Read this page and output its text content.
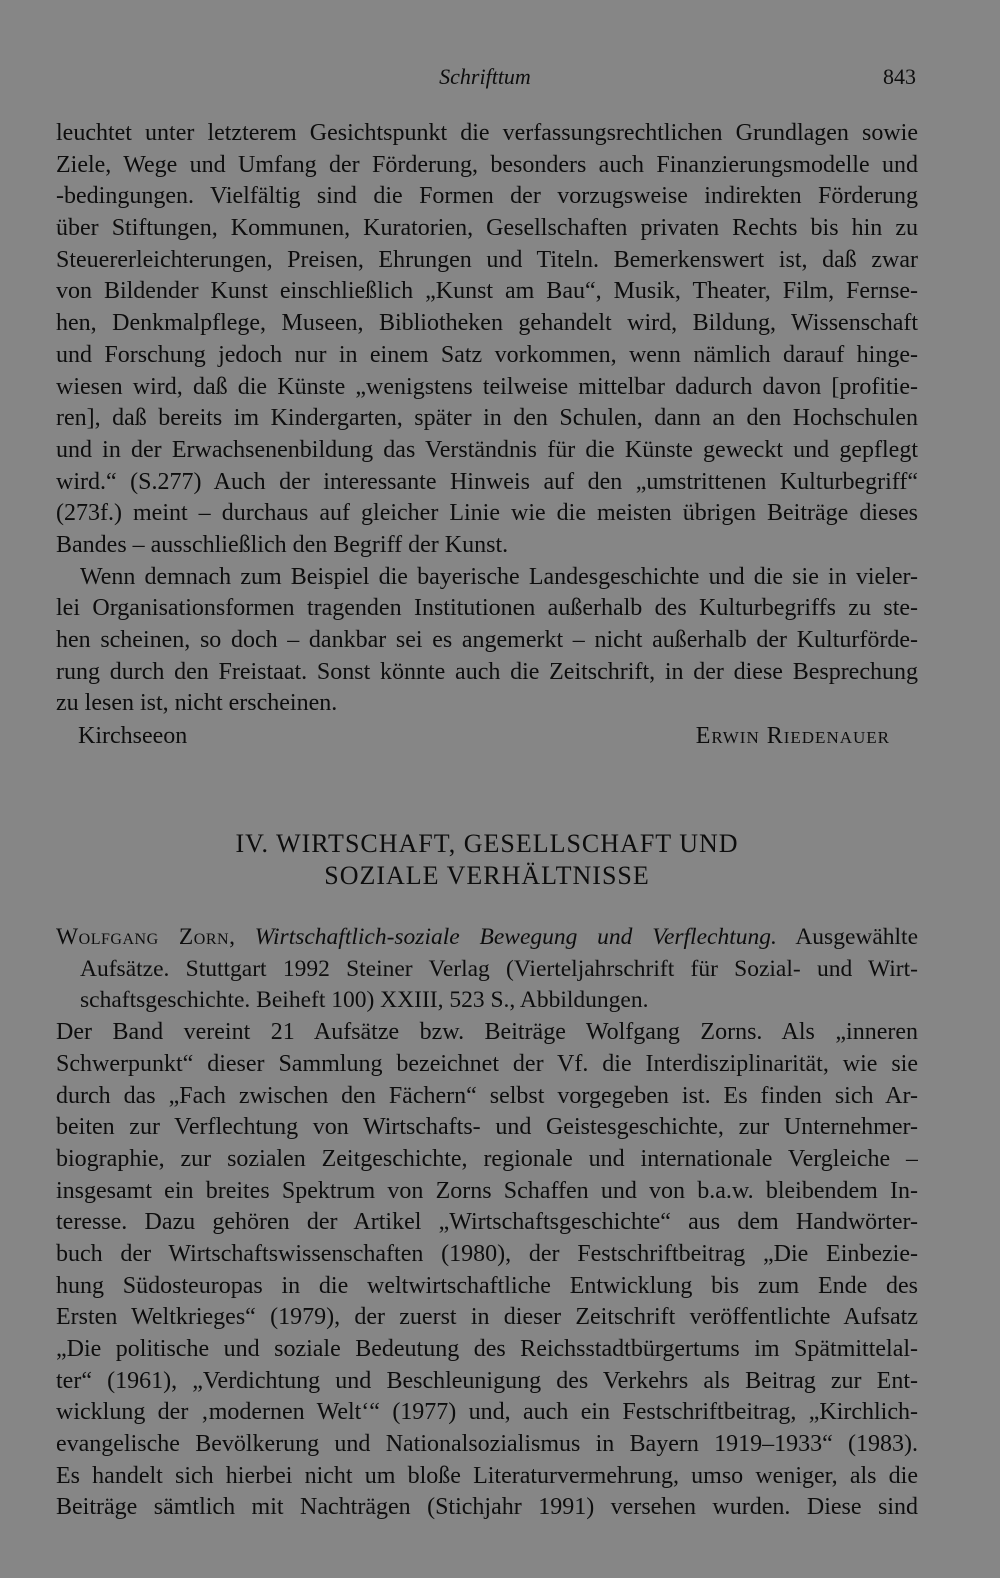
Schrifttum	843
leuchtet unter letzterem Gesichtspunkt die verfassungsrechtlichen Grundlagen sowie
Ziele, Wege und Umfang der Förderung, besonders auch Finanzierungsmodelle und
-bedingungen. Vielfältig sind die Formen der vorzugsweise indirekten Förderung
über Stiftungen, Kommunen, Kuratorien, Gesellschaften privaten Rechts bis hin zu
Steuererleichterungen, Preisen, Ehrungen und Titeln. Bemerkenswert ist, daß zwar
von Bildender Kunst einschließlich „Kunst am Bau“, Musik, Theater, Film, Fernse-
hen, Denkmalpflege, Museen, Bibliotheken gehandelt wird, Bildung, Wissenschaft
und Forschung jedoch nur in einem Satz vorkommen, wenn nämlich darauf hinge-
wiesen wird, daß die Künste „wenigstens teilweise mittelbar dadurch davon [profitie-
ren], daß bereits im Kindergarten, später in den Schulen, dann an den Hochschulen
und in der Erwachsenenbildung das Verständnis für die Künste geweckt und gepflegt
wird.“ (S.277) Auch der interessante Hinweis auf den „umstrittenen Kulturbegriff“
(273f.) meint – durchaus auf gleicher Linie wie die meisten übrigen Beiträge dieses
Bandes – ausschließlich den Begriff der Kunst.
Wenn demnach zum Beispiel die bayerische Landesgeschichte und die sie in vieler-
lei Organisationsformen tragenden Institutionen außerhalb des Kulturbegriffs zu ste-
hen scheinen, so doch – dankbar sei es angemerkt – nicht außerhalb der Kulturförde-
rung durch den Freistaat. Sonst könnte auch die Zeitschrift, in der diese Besprechung
zu lesen ist, nicht erscheinen.
Kirchseeon	Erwin Riedenauer
IV. WIRTSCHAFT, GESELLSCHAFT UND
SOZIALE VERHÄLTNISSE
Wolfgang Zorn, Wirtschaftlich-soziale Bewegung und Verflechtung. Ausgewählte
Aufsätze. Stuttgart 1992 Steiner Verlag (Vierteljahrschrift für Sozial- und Wirt-
schaftsgeschichte. Beiheft 100) XXIII, 523 S., Abbildungen.
Der Band vereint 21 Aufsätze bzw. Beiträge Wolfgang Zorns. Als „inneren
Schwerpunkt“ dieser Sammlung bezeichnet der Vf. die Interdisziplinarität, wie sie
durch das „Fach zwischen den Fächern“ selbst vorgegeben ist. Es finden sich Ar-
beiten zur Verflechtung von Wirtschafts- und Geistesgeschichte, zur Unternehmer-
biographie, zur sozialen Zeitgeschichte, regionale und internationale Vergleiche –
insgesamt ein breites Spektrum von Zorns Schaffen und von b.a.w. bleibendem In-
teresse. Dazu gehören der Artikel „Wirtschaftsgeschichte“ aus dem Handwörter-
buch der Wirtschaftswissenschaften (1980), der Festschriftbeitrag „Die Einbezie-
hung Südosteuropas in die weltwirtschaftliche Entwicklung bis zum Ende des
Ersten Weltkrieges“ (1979), der zuerst in dieser Zeitschrift veröffentlichte Aufsatz
„Die politische und soziale Bedeutung des Reichsstadtbürgertums im Spätmittelal-
ter“ (1961), „Verdichtung und Beschleunigung des Verkehrs als Beitrag zur Ent-
wicklung der ‚modernen Welt‘“ (1977) und, auch ein Festschriftbeitrag, „Kirchlich-
evangelische Bevölkerung und Nationalsozialismus in Bayern 1919–1933“ (1983).
Es handelt sich hierbei nicht um bloße Literaturvermehrung, umso weniger, als die
Beiträge sämtlich mit Nachträgen (Stichjahr 1991) versehen wurden. Diese sind
